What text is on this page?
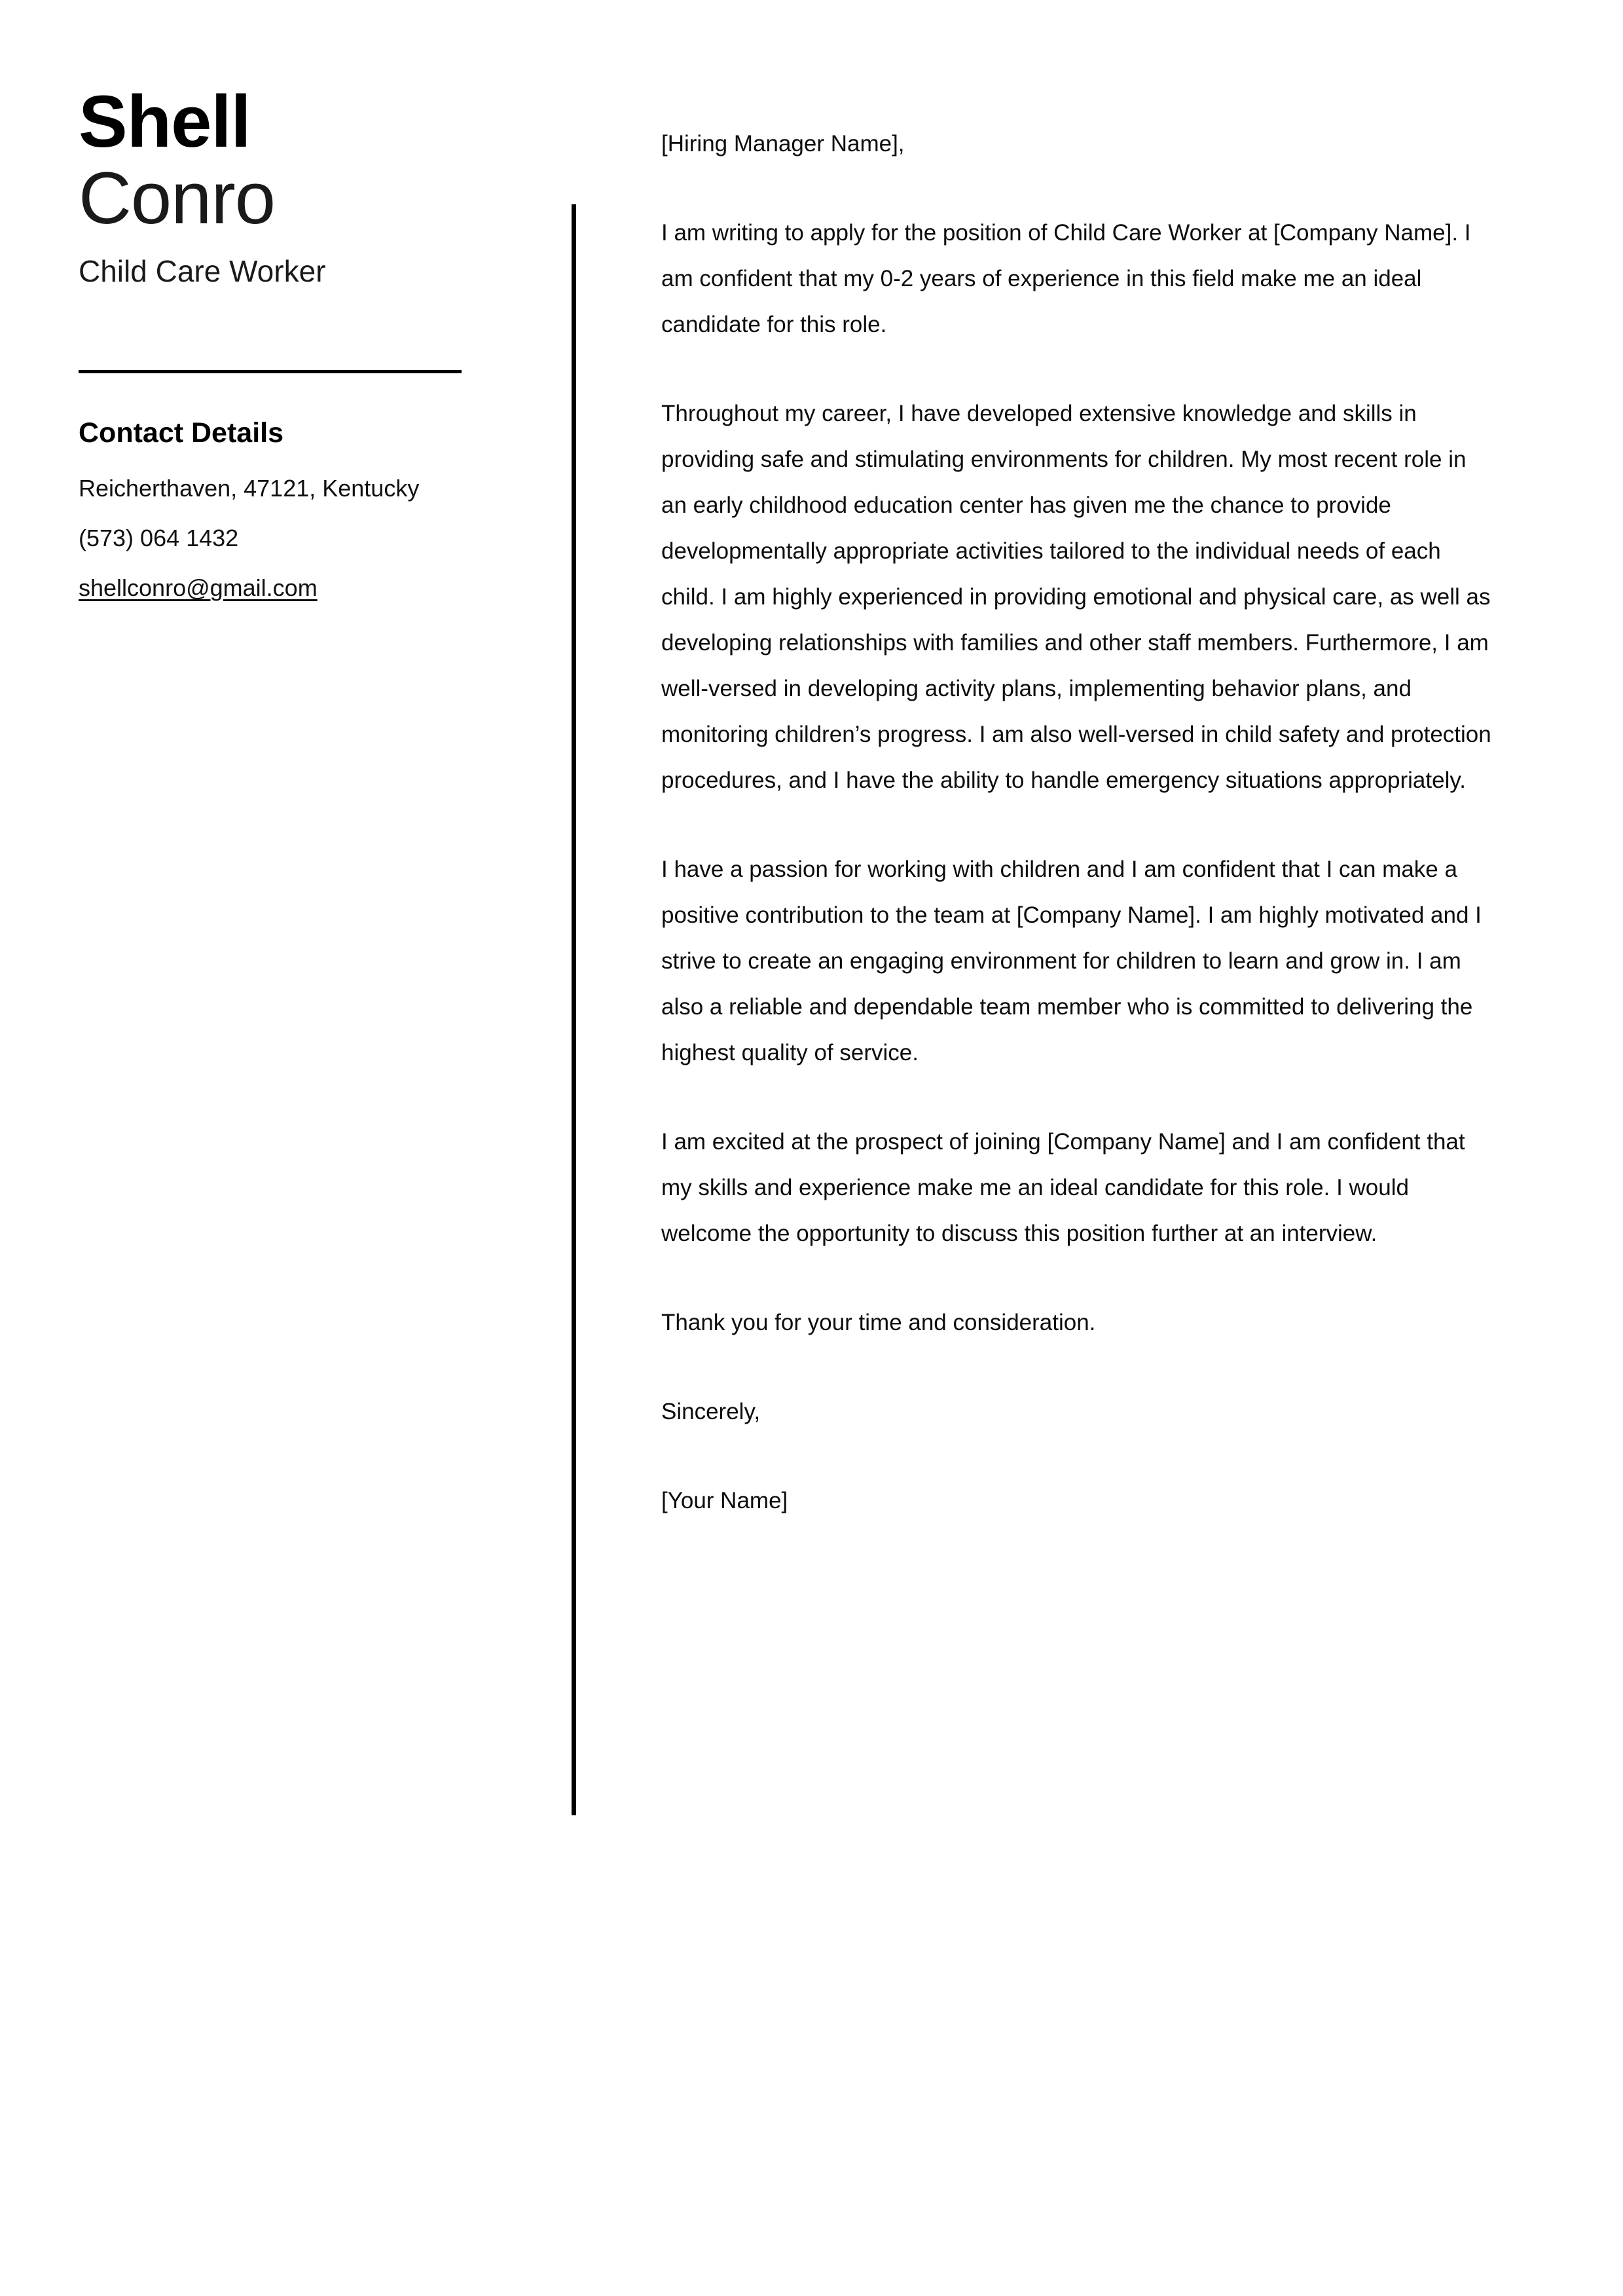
Shell
Conro
Child Care Worker
Contact Details
Reicherthaven, 47121, Kentucky
(573) 064 1432
shellconro@gmail.com

[Hiring Manager Name],

I am writing to apply for the position of Child Care Worker at [Company Name]. I am confident that my 0-2 years of experience in this field make me an ideal candidate for this role.

Throughout my career, I have developed extensive knowledge and skills in providing safe and stimulating environments for children. My most recent role in an early childhood education center has given me the chance to provide developmentally appropriate activities tailored to the individual needs of each child. I am highly experienced in providing emotional and physical care, as well as developing relationships with families and other staff members. Furthermore, I am well-versed in developing activity plans, implementing behavior plans, and monitoring children’s progress. I am also well-versed in child safety and protection procedures, and I have the ability to handle emergency situations appropriately.

I have a passion for working with children and I am confident that I can make a positive contribution to the team at [Company Name]. I am highly motivated and I strive to create an engaging environment for children to learn and grow in. I am also a reliable and dependable team member who is committed to delivering the highest quality of service.

I am excited at the prospect of joining [Company Name] and I am confident that my skills and experience make me an ideal candidate for this role. I would welcome the opportunity to discuss this position further at an interview.

Thank you for your time and consideration.

Sincerely,

[Your Name]
